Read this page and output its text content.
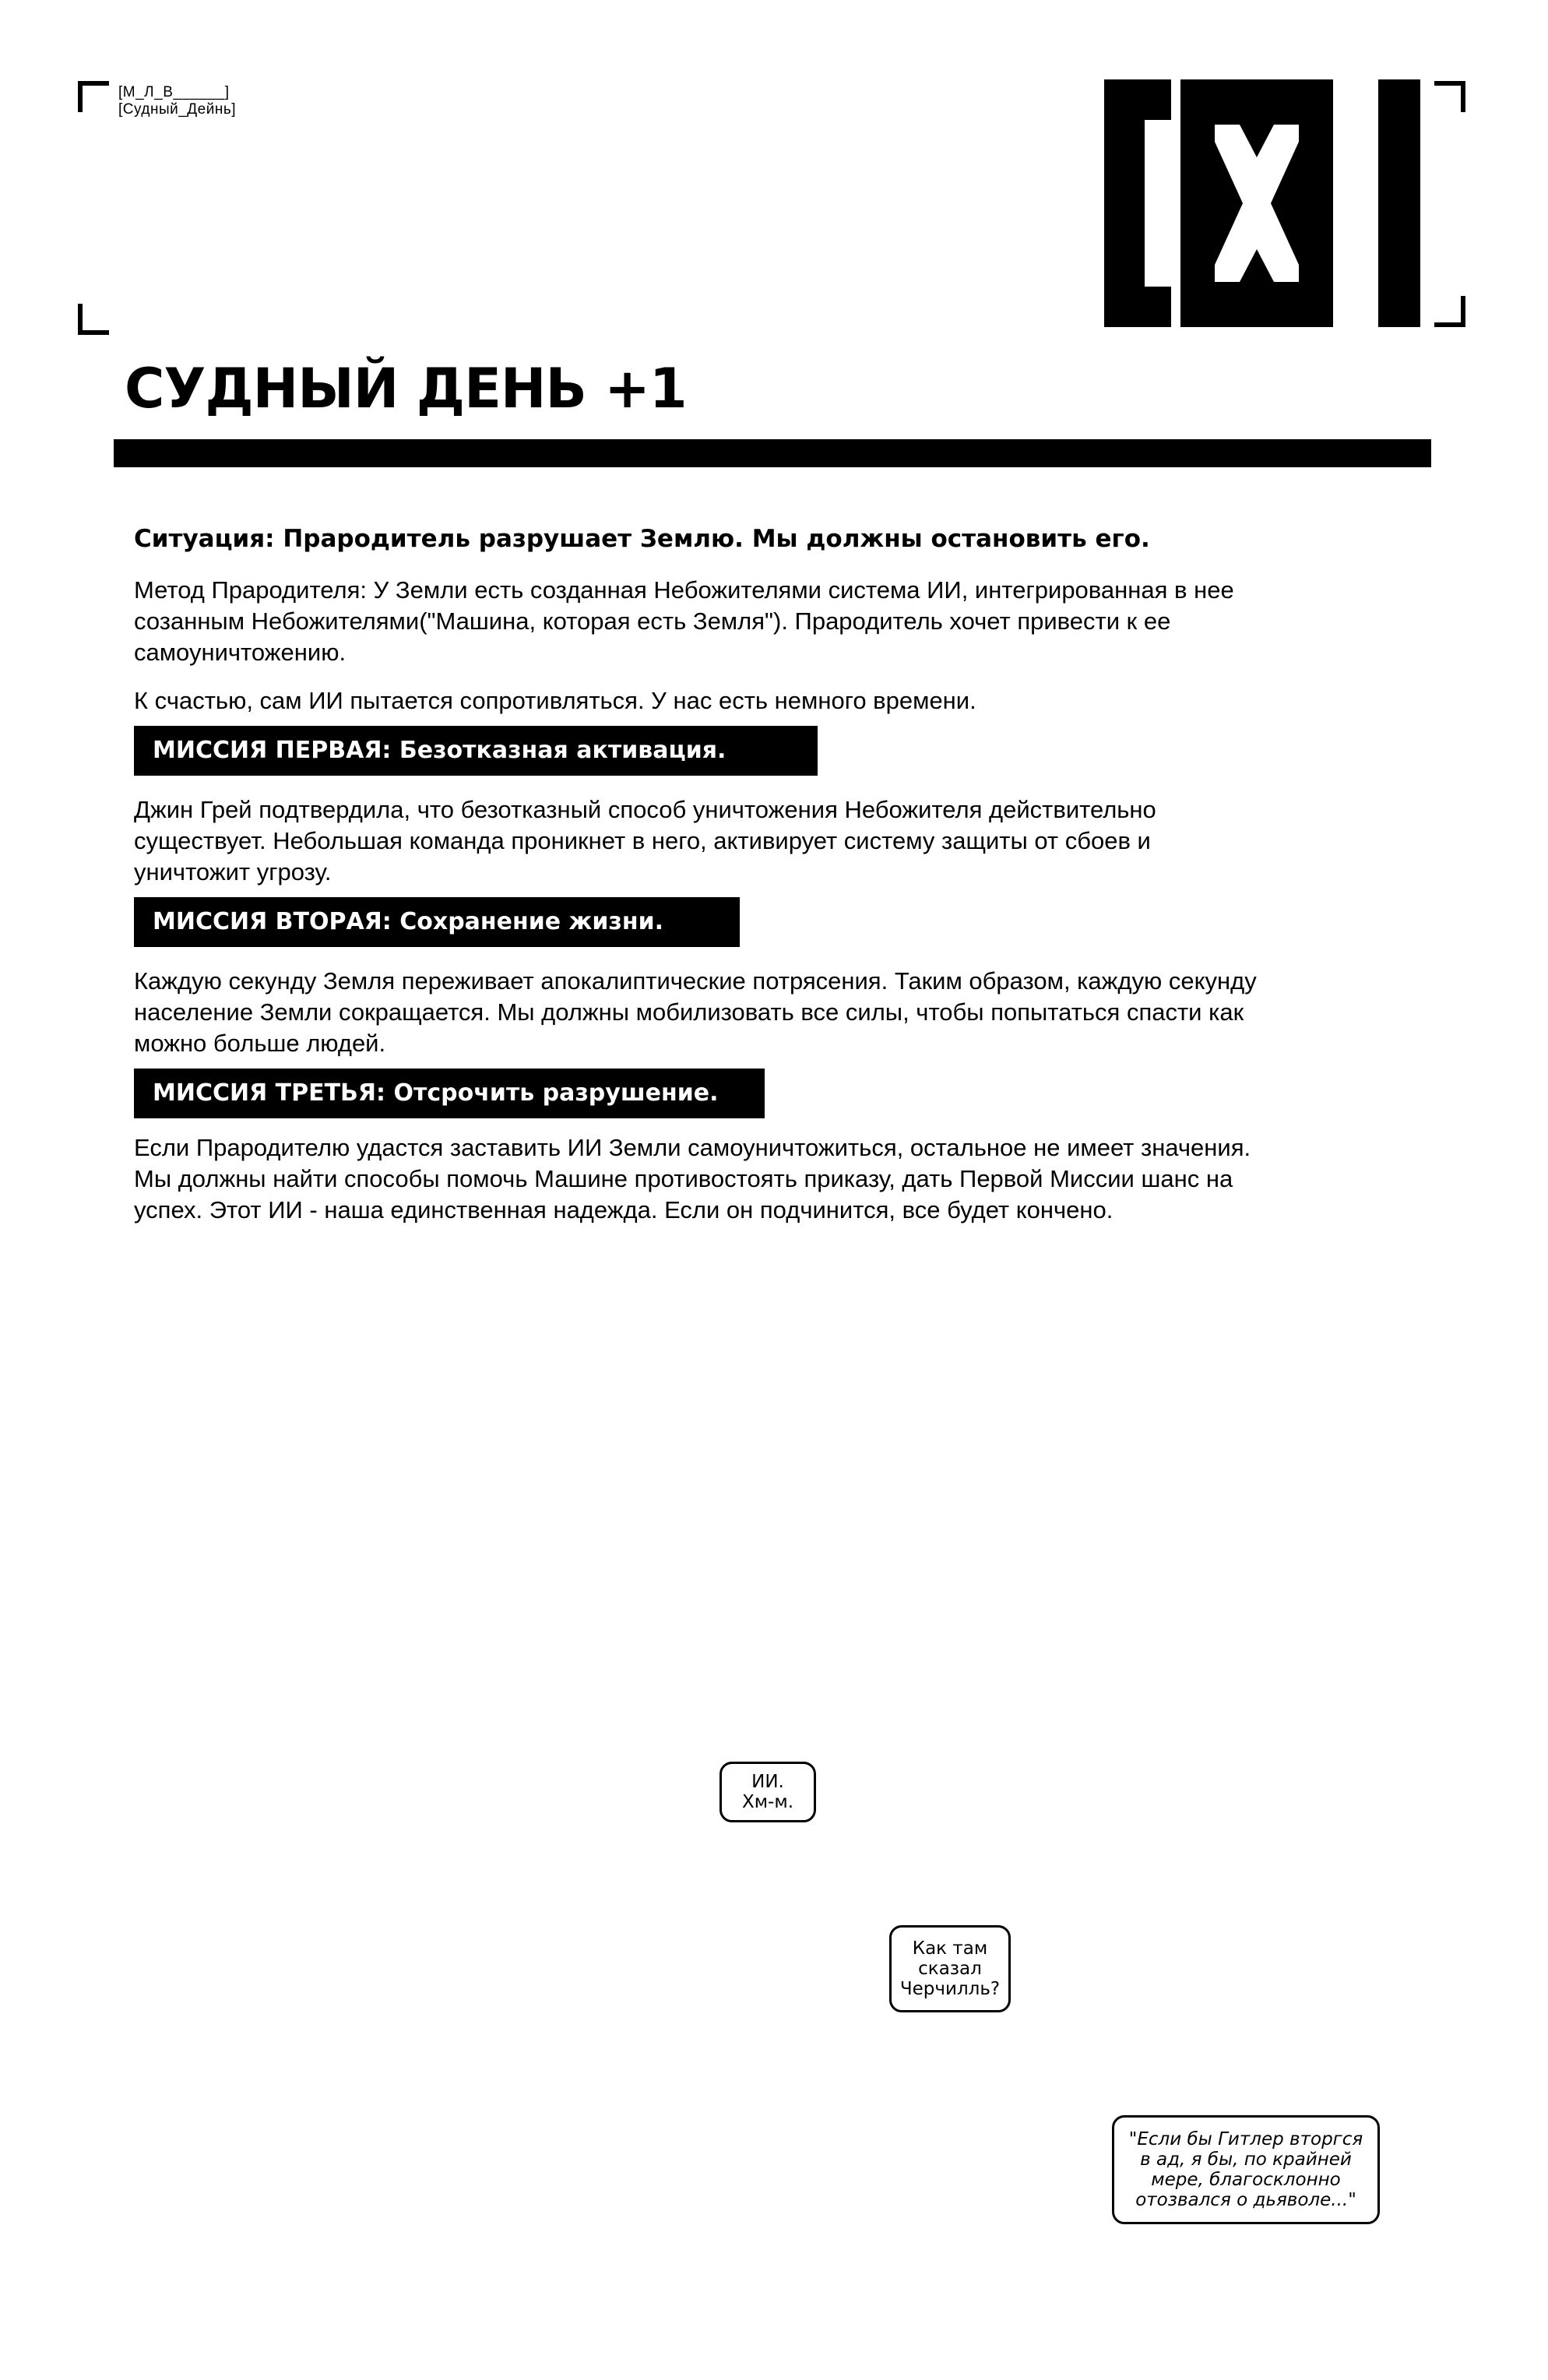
[М_Л_В______]
[Судный_Дейнь]
СУДНЫЙ ДЕНЬ +1
Ситуация: Прародитель разрушает Землю. Мы должны остановить его.
Метод Прародителя: У Земли есть созданная Небожителями система ИИ, интегрированная в нее созанным Небожителями("Машина, которая есть Земля"). Прародитель хочет привести к ее самоуничтожению.
К счастью, сам ИИ пытается сопротивляться. У нас есть немного времени.
МИССИЯ ПЕРВАЯ: Безотказная активация.
Джин Грей подтвердила, что безотказный способ уничтожения Небожителя действительно существует. Небольшая команда проникнет в него, активирует систему защиты от сбоев и уничтожит угрозу.
МИССИЯ ВТОРАЯ: Сохранение жизни.
Каждую секунду Земля переживает апокалиптические потрясения. Таким образом, каждую секунду население Земли сокращается. Мы должны мобилизовать все силы, чтобы попытаться спасти как можно больше людей.
МИССИЯ ТРЕТЬЯ: Отсрочить разрушение.
Если Прародителю удастся заставить ИИ Земли самоуничтожиться, остальное не имеет значения. Мы должны найти способы помочь Машине противостоять приказу, дать Первой Миссии шанс на успех. Этот ИИ - наша единственная надежда. Если он подчинится, все будет кончено.
ИИ.
Хм-м.
Как там
сказал
Черчилль?
"Если бы Гитлер вторгся
в ад, я бы, по крайней
мере, благосклонно
отозвался о дьяволе..."
